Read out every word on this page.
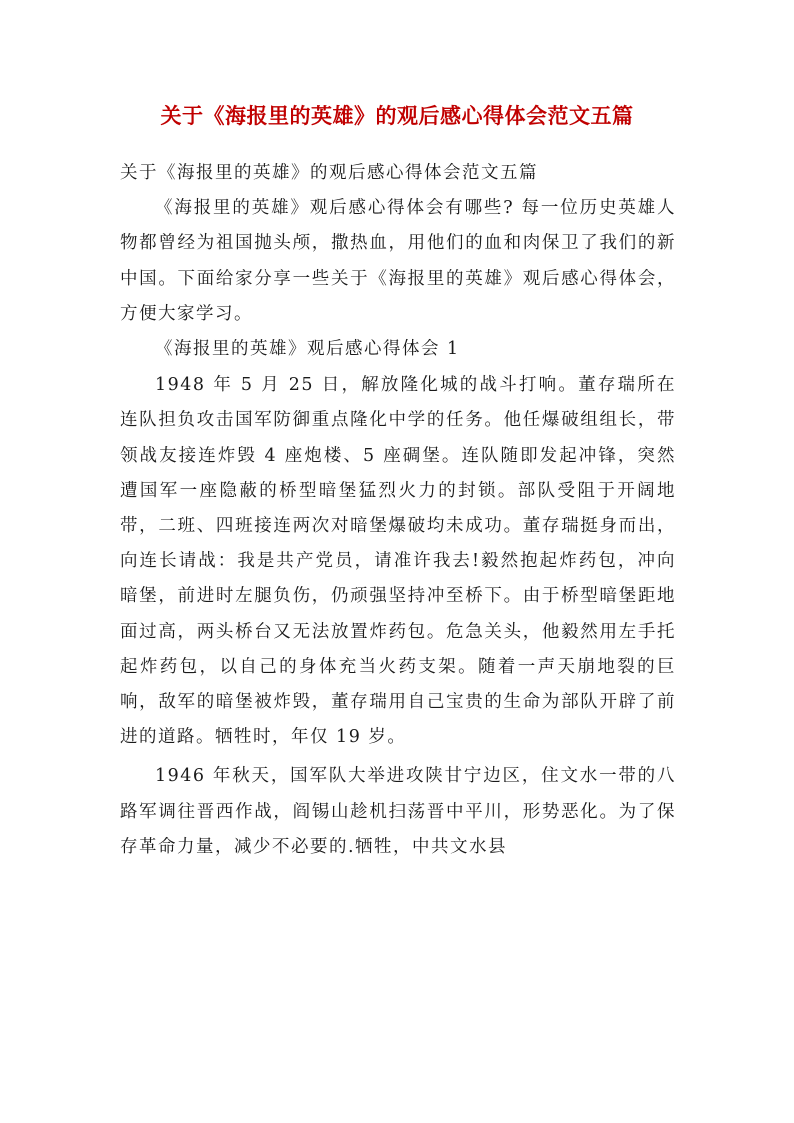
关于《海报里的英雄》的观后感心得体会范文五篇

关于《海报里的英雄》的观后感心得体会范文五篇

《海报里的英雄》观后感心得体会有哪些? 每一位历史英雄人物都曾经为祖国抛头颅，撒热血，用他们的血和肉保卫了我们的新中国。下面给家分享一些关于《海报里的英雄》观后感心得体会，方便大家学习。

《海报里的英雄》观后感心得体会 1

1948 年 5 月 25 日，解放隆化城的战斗打响。董存瑞所在连队担负攻击国军防御重点隆化中学的任务。他任爆破组组长，带领战友接连炸毁 4 座炮楼、5 座碉堡。连队随即发起冲锋，突然遭国军一座隐蔽的桥型暗堡猛烈火力的封锁。部队受阻于开阔地带，二班、四班接连两次对暗堡爆破均未成功。董存瑞挺身而出，向连长请战：我是共产党员，请准许我去!毅然抱起炸药包，冲向暗堡，前进时左腿负伤，仍顽强坚持冲至桥下。由于桥型暗堡距地面过高，两头桥台又无法放置炸药包。危急关头，他毅然用左手托起炸药包，以自己的身体充当火药支架。随着一声天崩地裂的巨响，敌军的暗堡被炸毁，董存瑞用自己宝贵的生命为部队开辟了前进的道路。牺牲时，年仅 19 岁。

1946 年秋天，国军队大举进攻陕甘宁边区，住文水一带的八路军调往晋西作战，阎锡山趁机扫荡晋中平川，形势恶化。为了保存革命力量，减少不必要的.牺牲，中共文水县
